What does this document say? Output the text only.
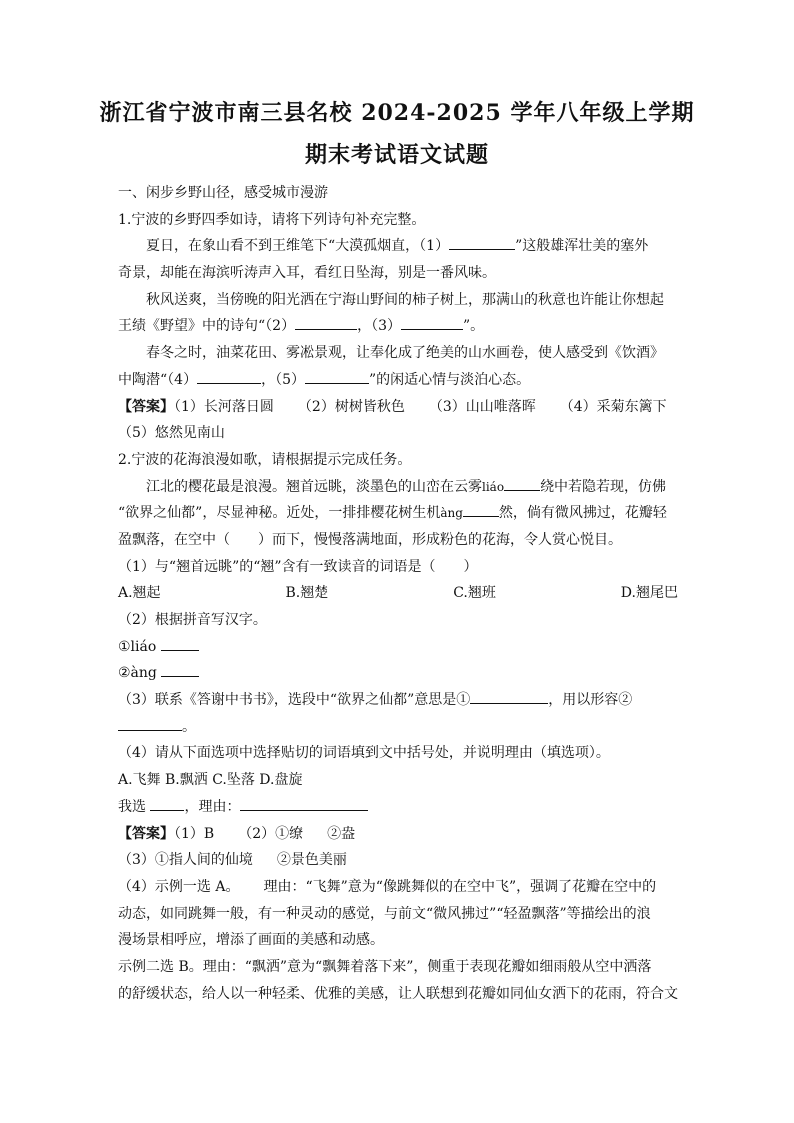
浙江省宁波市南三县名校 2024-2025 学年八年级上学期
期末考试语文试题
一、闲步乡野山径，感受城市漫游
1.宁波的乡野四季如诗，请将下列诗句补充完整。
夏日，在象山看不到王维笔下“大漠孤烟直，（1）	”这般雄浑壮美的塞外
奇景，却能在海滨听涛声入耳，看红日坠海，别是一番风味。
秋风送爽，当傍晚的阳光洒在宁海山野间的柿子树上，那满山的秋意也许能让你想起
王绩《野望》中的诗句“（2）	，（3）	”。
春冬之时，油菜花田、雾凇景观，让奉化成了绝美的山水画卷，使人感受到《饮酒》
中陶潜“（4）	，（5）	”的闲适心情与淡泊心态。
【答案】（1）长河落日圆 （2）树树皆秋色 （3）山山唯落晖 （4）采菊东篱下
（5）悠然见南山
2.宁波的花海浪漫如歌，请根据提示完成任务。
江北的樱花最是浪漫。翘首远眺，淡墨色的山峦在云雾liáo	绕中若隐若现，仿佛
“欲界之仙都”，尽显神秘。近处，一排排樱花树生机àng	然，倘有微风拂过，花瓣轻
盈飘落，在空中（　　）而下，慢慢落满地面，形成粉色的花海，令人赏心悦目。
（1）与“翘首远眺”的“翘”含有一致读音的词语是（　　）
A.翘起	B.翘楚	C.翘班	D.翘尾巴
（2）根据拼音写汉字。
①liáo
②àng
（3）联系《答谢中书书》，选段中“欲界之仙都”意思是①	，用以形容②
。
（4）请从下面选项中选择贴切的词语填到文中括号处，并说明理由（填选项）。
A.飞舞 B.飘洒 C.坠落 D.盘旋
我选	，理由：
【答案】（1）B （2）①缭 ②盎
（3）①指人间的仙境 ②景色美丽
（4）示例一选 A。 理由：“飞舞”意为“像跳舞似的在空中飞”，强调了花瓣在空中的
动态，如同跳舞一般，有一种灵动的感觉，与前文“微风拂过”“轻盈飘落”等描绘出的浪
漫场景相呼应，增添了画面的美感和动感。
示例二选 B。理由：“飘洒”意为“飘舞着落下来”，侧重于表现花瓣如细雨般从空中洒落
的舒缓状态，给人以一种轻柔、优雅的美感，让人联想到花瓣如同仙女洒下的花雨，符合文
